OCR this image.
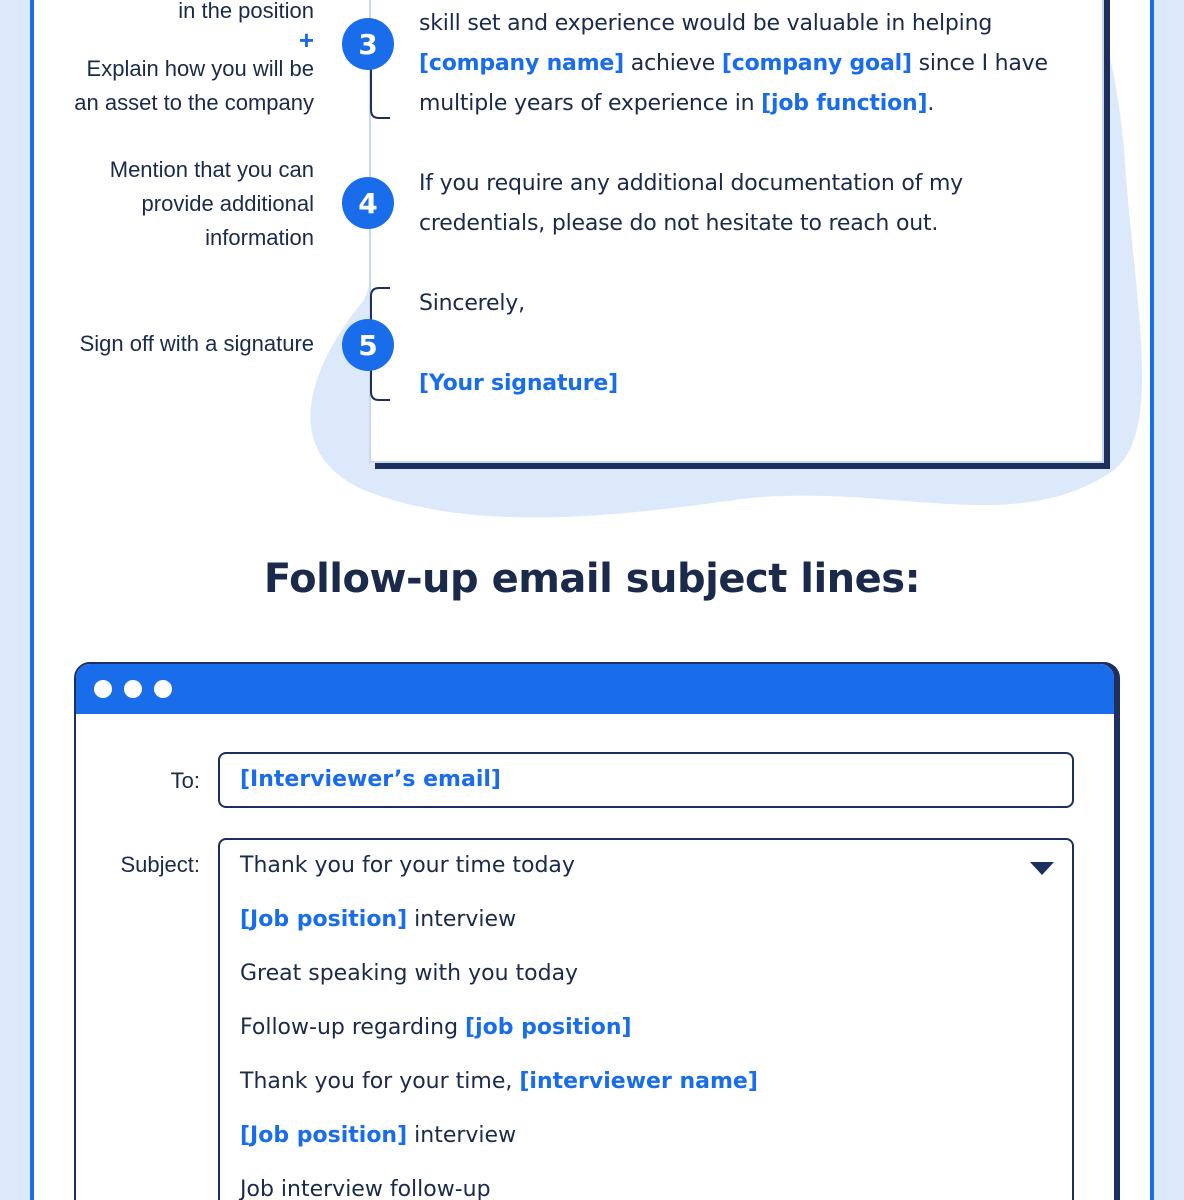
in the position
+
Explain how you will be
an asset to the company
3
skill set and experience would be valuable in helping
[company name] achieve [company goal] since I have
multiple years of experience in [job function].
Mention that you can
provide additional
information
4
If you require any additional documentation of my
credentials, please do not hesitate to reach out.
Sign off with a signature	5
Sincerely,
[Your signature]
Follow-up email subject lines:
To: [Interviewer’s email]
Subject: Thank you for your time today
[Job position] interview
Great speaking with you today
Follow-up regarding [job position]
Thank you for your time, [interviewer name]
[Job position] interview
Job interview follow-up
